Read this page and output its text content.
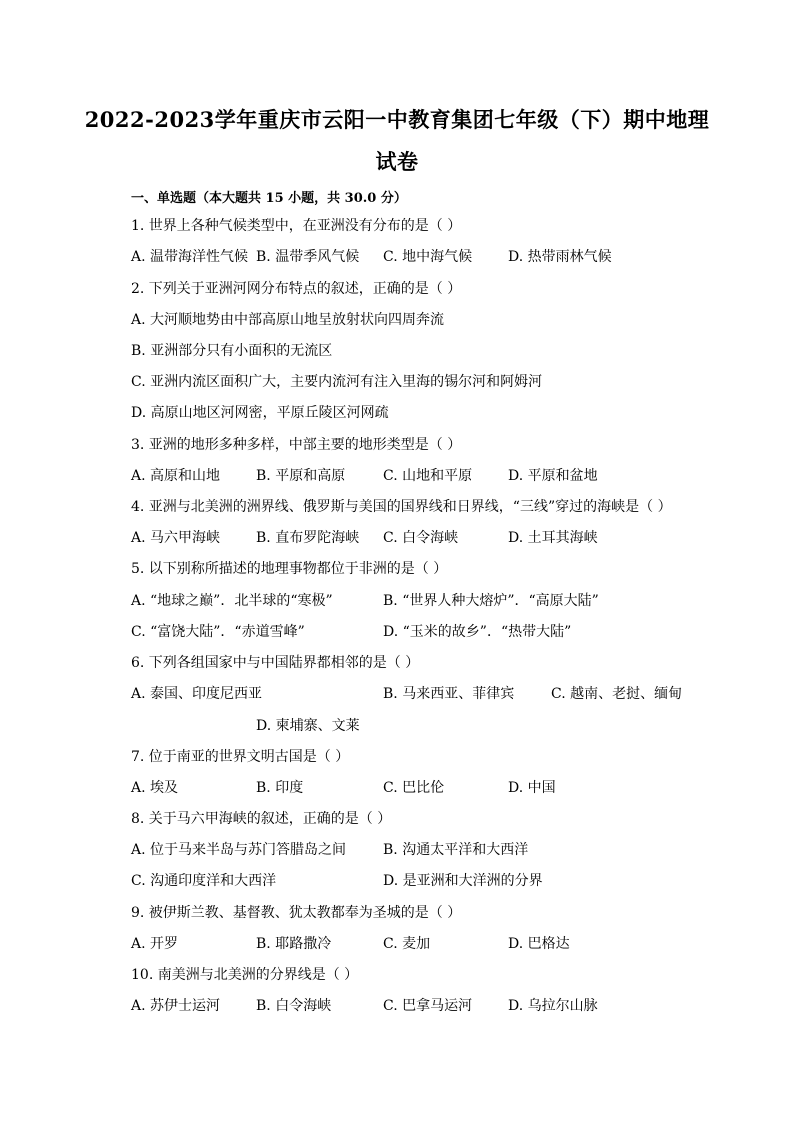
2022-2023学年重庆市云阳一中教育集团七年级（下）期中地理
试卷
一、单选题（本大题共 15 小题，共 30.0 分）
1. 世界上各种气候类型中，在亚洲没有分布的是（ ）
A. 温带海洋性气候 B. 温带季风气候 C. 地中海气候	D. 热带雨林气候
2. 下列关于亚洲河网分布特点的叙述，正确的是（ ）
A. 大河顺地势由中部高原山地呈放射状向四周奔流
B. 亚洲部分只有小面积的无流区
C. 亚洲内流区面积广大，主要内流河有注入里海的锡尔河和阿姆河
D. 高原山地区河网密，平原丘陵区河网疏
3. 亚洲的地形多种多样，中部主要的地形类型是（ ）
A. 高原和山地	B. 平原和高原	C. 山地和平原	D. 平原和盆地
4. 亚洲与北美洲的洲界线、俄罗斯与美国的国界线和日界线，“三线”穿过的海峡是（ ）
A. 马六甲海峡	B. 直布罗陀海峡 C. 白令海峡	D. 土耳其海峡
5. 以下别称所描述的地理事物都位于非洲的是（ ）
A. “地球之巅”．北半球的“寒极”	B. “世界人种大熔炉”．“高原大陆”
C. “富饶大陆”．“赤道雪峰”	D. “玉米的故乡”．“热带大陆”
6. 下列各组国家中与中国陆界都相邻的是（ ）
A. 泰国、印度尼西亚	B. 马来西亚、菲律宾	C. 越南、老挝、缅甸
D. 柬埔寨、文莱
7. 位于南亚的世界文明古国是（ ）
A. 埃及	B. 印度	C. 巴比伦	D. 中国
8. 关于马六甲海峡的叙述，正确的是（ ）
A. 位于马来半岛与苏门答腊岛之间	B. 沟通太平洋和大西洋
C. 沟通印度洋和大西洋	D. 是亚洲和大洋洲的分界
9. 被伊斯兰教、基督教、犹太教都奉为圣城的是（ ）
A. 开罗	B. 耶路撒冷	C. 麦加	D. 巴格达
10. 南美洲与北美洲的分界线是（ ）
A. 苏伊士运河	B. 白令海峡	C. 巴拿马运河	D. 乌拉尔山脉
